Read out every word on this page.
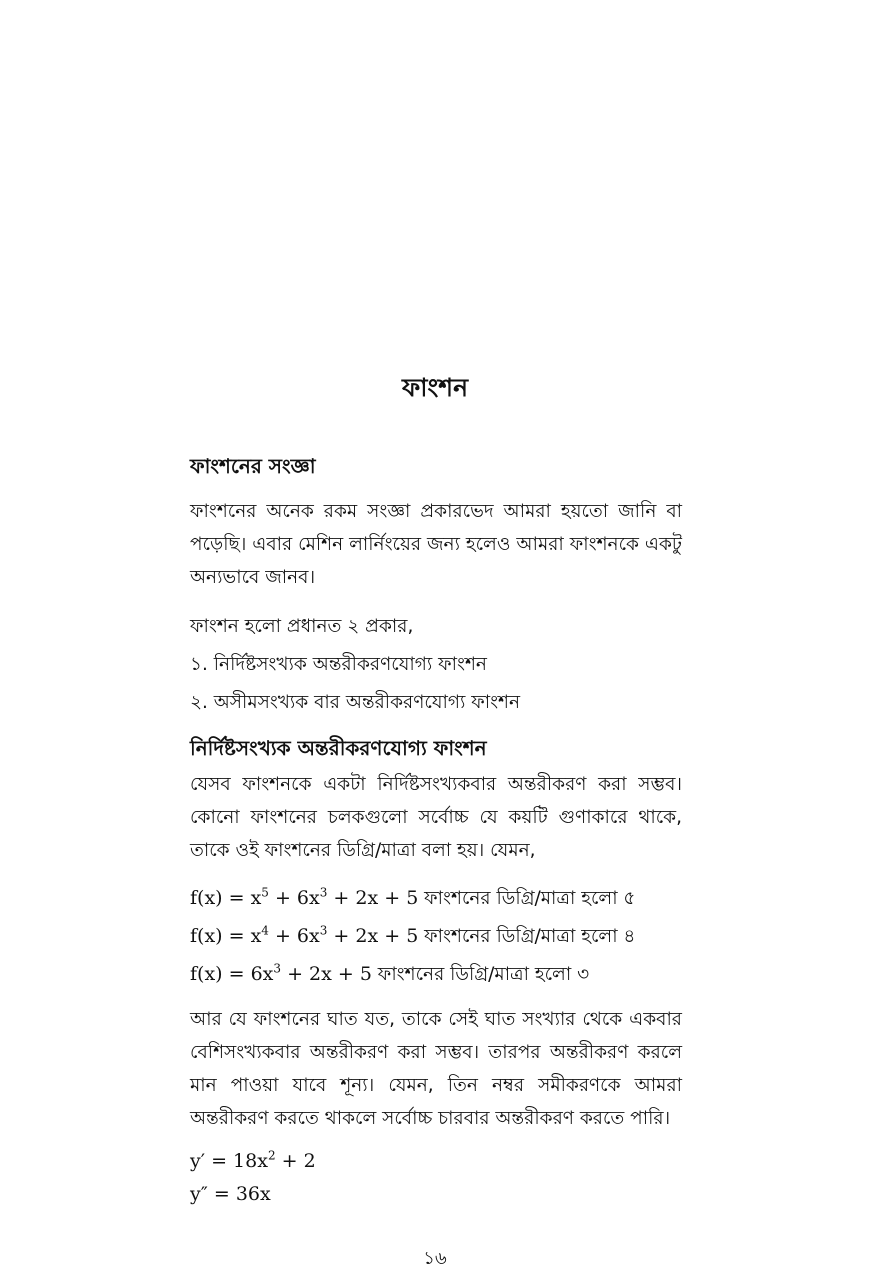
ফাংশন
ফাংশনের সংজ্ঞা
ফাংশনের অনেক রকম সংজ্ঞা প্রকারভেদ আমরা হয়তো জানি বা পড়েছি। এবার মেশিন লার্নিংয়ের জন্য হলেও আমরা ফাংশনকে একটু অন্যভাবে জানব।
ফাংশন হলো প্রধানত ২ প্রকার,
১. নির্দিষ্টসংখ্যক অন্তরীকরণযোগ্য ফাংশন
২. অসীমসংখ্যক বার অন্তরীকরণযোগ্য ফাংশন
নির্দিষ্টসংখ্যক অন্তরীকরণযোগ্য ফাংশন
যেসব ফাংশনকে একটা নির্দিষ্টসংখ্যকবার অন্তরীকরণ করা সম্ভব। কোনো ফাংশনের চলকগুলো সর্বোচ্চ যে কয়টি গুণাকারে থাকে, তাকে ওই ফাংশনের ডিগ্রি/মাত্রা বলা হয়। যেমন,
$f(x) = x^5 + 6x^3 + 2x + 5$ ফাংশনের ডিগ্রি/মাত্রা হলো ৫
$f(x) = x^4 + 6x^3 + 2x + 5$ ফাংশনের ডিগ্রি/মাত্রা হলো ৪
$f(x) = 6x^3 + 2x + 5$ ফাংশনের ডিগ্রি/মাত্রা হলো ৩
আর যে ফাংশনের ঘাত যত, তাকে সেই ঘাত সংখ্যার থেকে একবার বেশিসংখ্যকবার অন্তরীকরণ করা সম্ভব। তারপর অন্তরীকরণ করলে মান পাওয়া যাবে শূন্য। যেমন, তিন নম্বর সমীকরণকে আমরা অন্তরীকরণ করতে থাকলে সর্বোচ্চ চারবার অন্তরীকরণ করতে পারি।
$y' = 18x^2 + 2$
y″ = 36x
১৬
